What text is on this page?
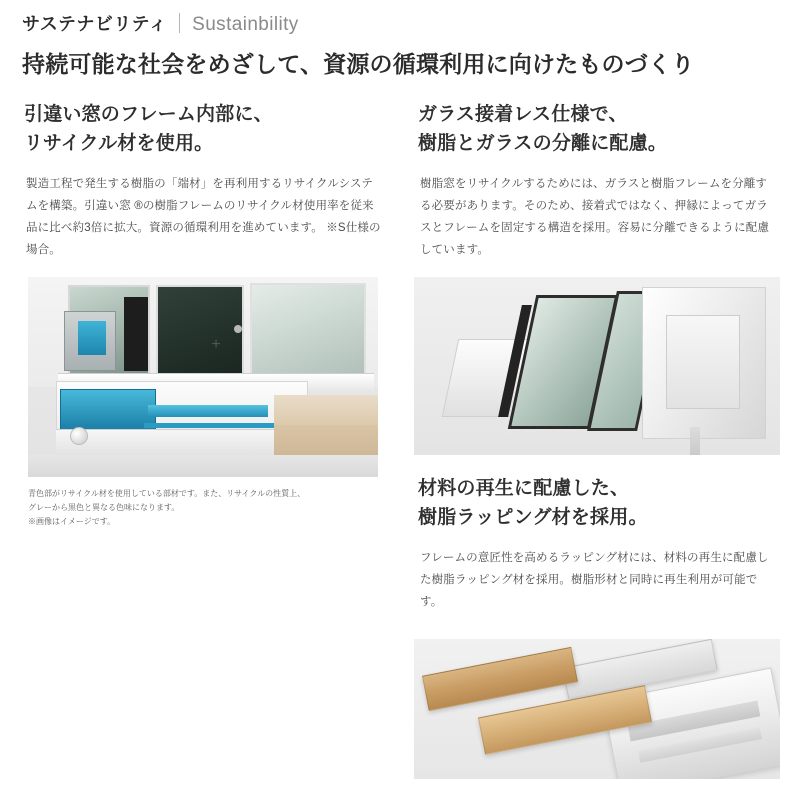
サステナビリティ Sustainbility
持続可能な社会をめざして、資源の循環利用に向けたものづくり
引違い窓のフレーム内部に、
リサイクル材を使用。
製造工程で発生する樹脂の「端材」を再利用するリサイクルシステムを構築。引違い窓 ®の樹脂フレームのリサイクル材使用率を従来品に比べ約3倍に拡大。資源の循環利用を進めています。 ※S仕様の場合。
+
青色部がリサイクル材を使用している部材です。また、リサイクルの性質上、
グレーから黒色と異なる色味になります。
※画像はイメージです。
ガラス接着レス仕様で、
樹脂とガラスの分離に配慮。
樹脂窓をリサイクルするためには、ガラスと樹脂フレームを分離する必要があります。そのため、接着式ではなく、押縁によってガラスとフレームを固定する構造を採用。容易に分離できるように配慮しています。
材料の再生に配慮した、
樹脂ラッピング材を採用。
フレームの意匠性を高めるラッピング材には、材料の再生に配慮した樹脂ラッピング材を採用。樹脂形材と同時に再生利用が可能です。
